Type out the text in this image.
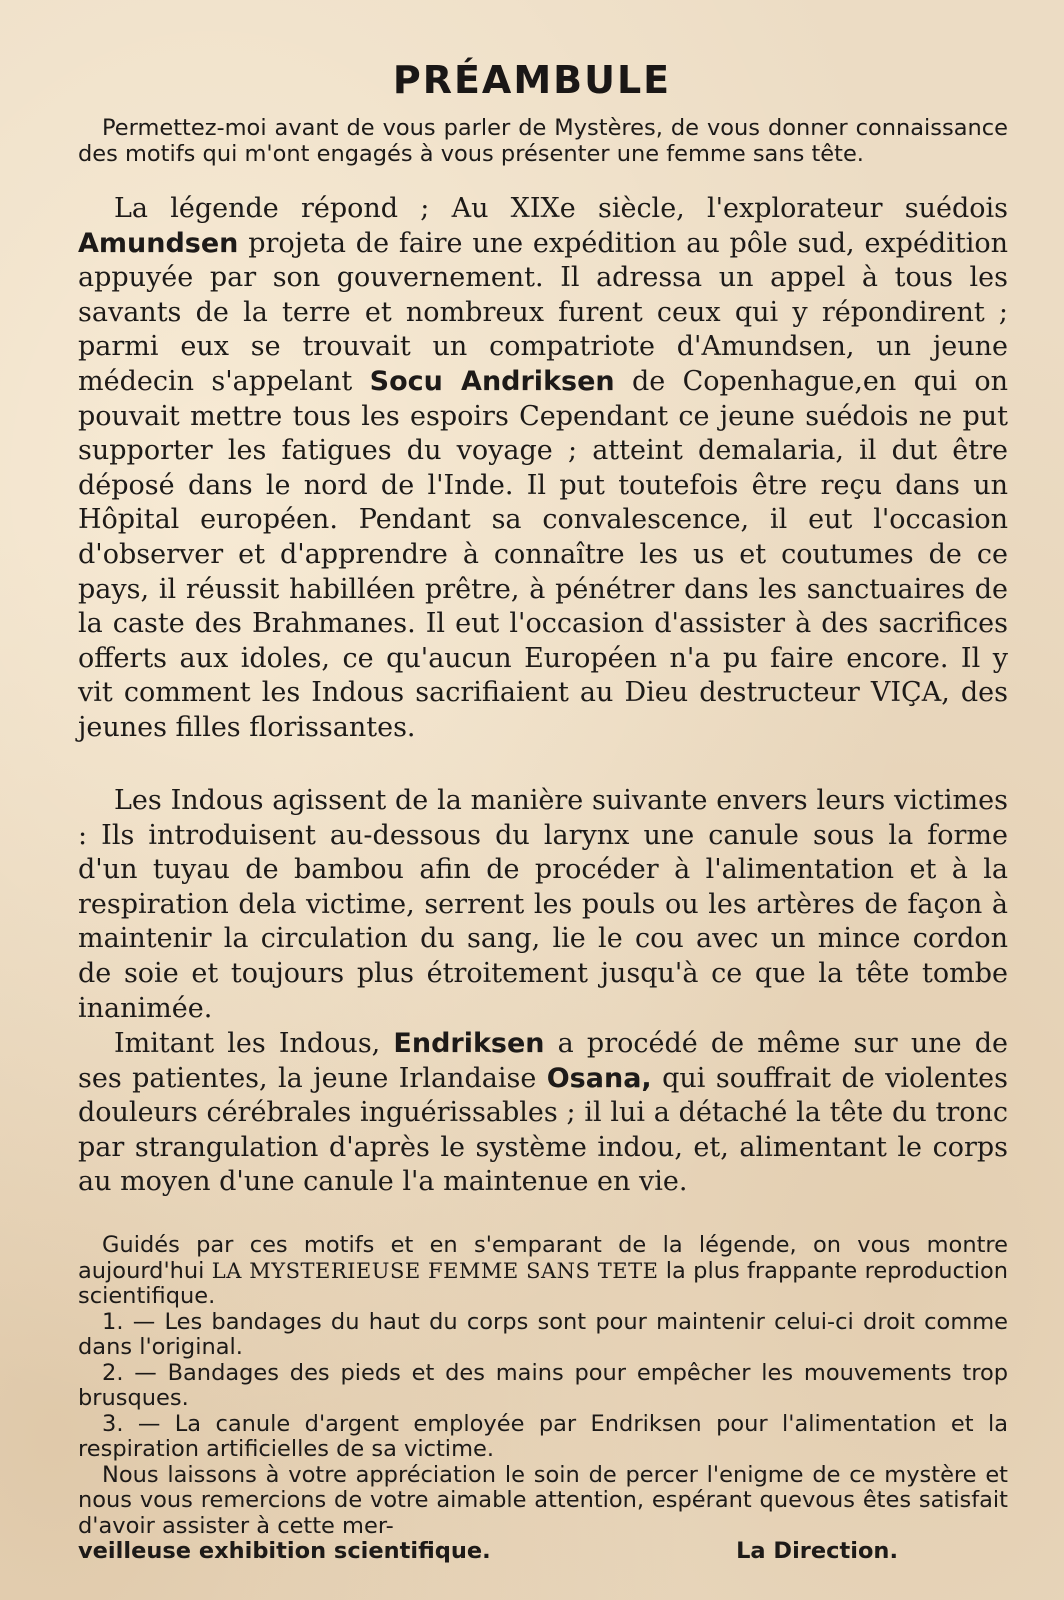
PRÉAMBULE
Permettez-moi avant de vous parler de Mystères, de vous donner connaissance des motifs qui m'ont engagés à vous présenter une femme sans tête.
La légende répond ; Au XIXe siècle, l'explorateur suédois Amundsen projeta de faire une expédition au pôle sud, expédition appuyée par son gouvernement. Il adressa un appel à tous les savants de la terre et nombreux furent ceux qui y répondirent ; parmi eux se trouvait un compatriote d'Amundsen, un jeune médecin s'appelant Socu Andriksen de Copenhague,en qui on pouvait mettre tous les espoirs Cependant ce jeune suédois ne put supporter les fatigues du voyage ; atteint demalaria, il dut être déposé dans le nord de l'Inde. Il put toutefois être reçu dans un Hôpital européen. Pendant sa convalescence, il eut l'occasion d'observer et d'apprendre à connaître les us et coutumes de ce pays, il réussit habilléen prêtre, à pénétrer dans les sanctuaires de la caste des Brahmanes. Il eut l'occasion d'assister à des sacrifices offerts aux idoles, ce qu'aucun Européen n'a pu faire encore. Il y vit comment les Indous sacrifiaient au Dieu destructeur VIÇA, des jeunes filles florissantes.
Les Indous agissent de la manière suivante envers leurs victimes : Ils introduisent au-dessous du larynx une canule sous la forme d'un tuyau de bambou afin de procéder à l'alimentation et à la respiration dela victime, serrent les pouls ou les artères de façon à maintenir la circulation du sang, lie le cou avec un mince cordon de soie et toujours plus étroitement jusqu'à ce que la tête tombe inanimée.
Imitant les Indous, Endriksen a procédé de même sur une de ses patientes, la jeune Irlandaise Osana, qui souffrait de violentes douleurs cérébrales inguérissables ; il lui a détaché la tête du tronc par strangulation d'après le système indou, et, alimentant le corps au moyen d'une canule l'a maintenue en vie.
Guidés par ces motifs et en s'emparant de la légende, on vous montre aujourd'hui LA MYSTERIEUSE FEMME SANS TETE la plus frappante reproduction scientifique.
1. — Les bandages du haut du corps sont pour maintenir celui-ci droit comme dans l'original.
2. — Bandages des pieds et des mains pour empêcher les mouvements trop brusques.
3. — La canule d'argent employée par Endriksen pour l'alimentation et la respiration artificielles de sa victime.
Nous laissons à votre appréciation le soin de percer l'enigme de ce mystère et nous vous remercions de votre aimable attention, espérant quevous êtes satisfait d'avoir assister à cette mer-
veilleuse exhibition scientifique.	La Direction.
